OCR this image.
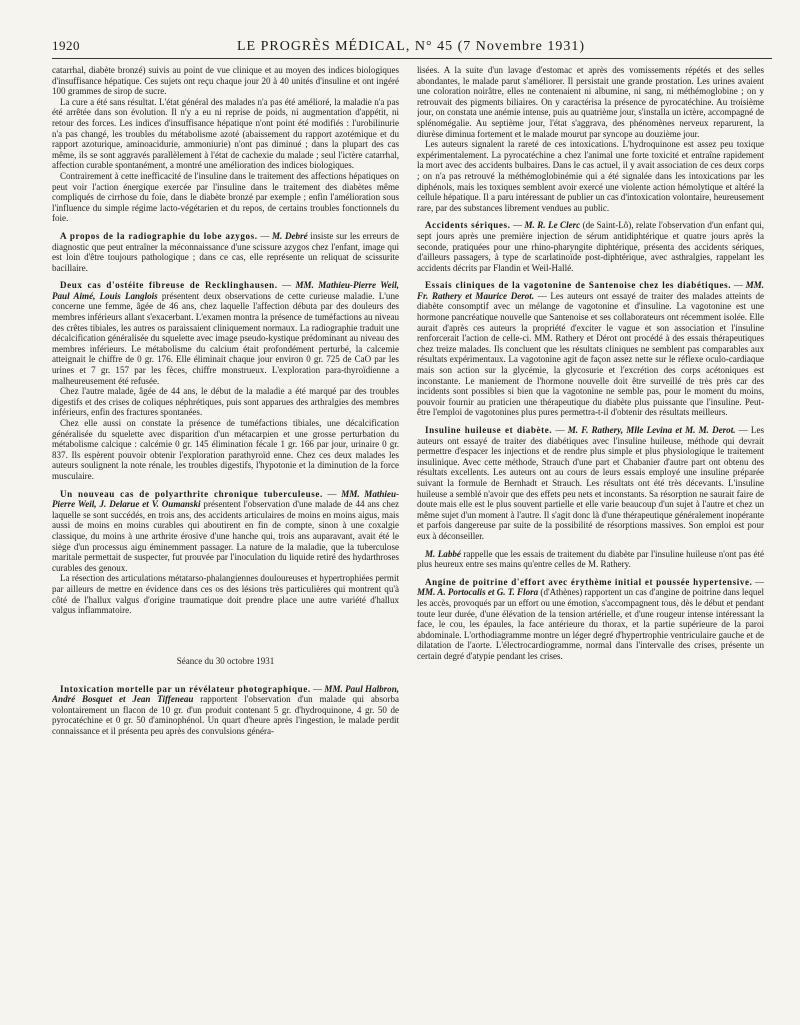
1920	LE PROGRÈS MÉDICAL, N° 45 (7 Novembre 1931)

catarrhal, diabète bronzé) suivis au point de vue clinique et au moyen des indices biologiques d'insuffisance hépatique. Ces sujets ont reçu chaque jour 20 à 40 unités d'insuline et ont ingéré 100 grammes de sirop de sucre.

La cure a été sans résultat. L'état général des malades n'a pas été amélioré, la maladie n'a pas été arrêtée dans son évolution. Il n'y a eu ni reprise de poids, ni augmentation d'appétit, ni retour des forces. Les indices d'insuffisance hépatique n'ont point été modifiés : l'urobilinurie n'a pas changé, les troubles du métabolisme azoté (abaissement du rapport azotémique et du rapport azoturique, aminoacidurie, ammoniurie) n'ont pas diminué ; dans la plupart des cas même, ils se sont aggravés parallèlement à l'état de cachexie du malade ; seul l'ictère catarrhal, affection curable spontanément, a montré une amélioration des indices biologiques.

Contrairement à cette inefficacité de l'insuline dans le traitement des affections hépatiques on peut voir l'action énergique exercée par l'insuline dans le traitement des diabètes même compliqués de cirrhose du foie, dans le diabète bronzé par exemple ; enfin l'amélioration sous l'influence du simple régime lacto-végétarien et du repos, de certains troubles fonctionnels du foie.

A propos de la radiographie du lobe azygos. — M. Debré insiste sur les erreurs de diagnostic que peut entraîner la méconnaissance d'une scissure azygos chez l'enfant, image qui est loin d'être toujours pathologique ; dans ce cas, elle représente un reliquat de scissurite bacillaire.

Deux cas d'ostéite fibreuse de Recklinghausen. — MM. Mathieu-Pierre Weil, Paul Aimé, Louis Langlois présentent deux observations de cette curieuse maladie. L'une concerne une femme, âgée de 46 ans, chez laquelle l'affection débuta par des douleurs des membres inférieurs allant s'exacerbant. L'examen montra la présence de tuméfactions au niveau des crêtes tibiales, les autres os paraissaient cliniquement normaux. La radiographie traduit une décalcification généralisée du squelette avec image pseudo-kystique prédominant au niveau des membres inférieurs. Le métabolisme du calcium était profondément perturbé, la calcemie atteignait le chiffre de 0 gr. 176. Elle éliminait chaque jour environ 0 gr. 725 de CaO par les urines et 7 gr. 157 par les fèces, chiffre monstrueux. L'exploration para-thyroïdienne a malheureusement été refusée.

Chez l'autre malade, âgée de 44 ans, le début de la maladie a été marqué par des troubles digestifs et des crises de coliques néphrétiques, puis sont apparues des arthralgies des membres inférieurs, enfin des fractures spontanées.

Chez elle aussi on constate la présence de tuméfactions tibiales, une décalcification généralisée du squelette avec disparition d'un métacarpien et une grosse perturbation du métabolisme calcique : calcémie 0 gr. 145 élimination fécale 1 gr. 166 par jour, urinaire 0 gr. 837. Ils espèrent pouvoir obtenir l'exploration parathyroïd enne. Chez ces deux malades les auteurs soulignent la note rénale, les troubles digestifs, l'hypotonie et la diminution de la force musculaire.

Un nouveau cas de polyarthrite chronique tuberculeuse. — MM. Mathieu-Pierre Weil, J. Delarue et V. Oumanski présentent l'observation d'une malade de 44 ans chez laquelle se sont succédés, en trois ans, des accidents articulaires de moins en moins aigus, mais aussi de moins en moins curables qui aboutirent en fin de compte, sinon à une coxalgie classique, du moins à une arthrite érosive d'une hanche qui, trois ans auparavant, avait été le siège d'un processus aigu éminemment passager. La nature de la maladie, que la tuberculose maritale permettait de suspecter, fut prouvée par l'inoculation du liquide retiré des hydarthroses curables des genoux.

La résection des articulations métatarso-phalangiennes douloureuses et hypertrophiées permit par ailleurs de mettre en évidence dans ces os des lésions très particulières qui montrent qu'à côté de l'hallux valgus d'origine traumatique doit prendre place une autre variété d'hallux valgus inflammatoire.

Séance du 30 octobre 1931

Intoxication mortelle par un révélateur photographique. — MM. Paul Halbron, André Bosquet et Jean Tiffeneau rapportent l'observation d'un malade qui absorba volontairement un flacon de 10 gr. d'un produit contenant 5 gr. d'hydroquinone, 4 gr. 50 de pyrocatéchine et 0 gr. 50 d'aminophénol. Un quart d'heure après l'ingestion, le malade perdit connaissance et il présenta peu après des convulsions généra-

lisées. A la suite d'un lavage d'estomac et après des vomissements répétés et des selles abondantes, le malade parut s'améliorer. Il persistait une grande prostation. Les urines avaient une coloration noirâtre, elles ne contenaient ni albumine, ni sang, ni méthémoglobine ; on y retrouvait des pigments biliaires. On y caractérisa la présence de pyrocatéchine. Au troisième jour, on constata une anémie intense, puis au quatrième jour, s'installa un ictère, accompagné de splénomégalie. Au septième jour, l'état s'aggrava, des phénomènes nerveux reparurent, la diurèse diminua fortement et le malade mourut par syncope au douzième jour.

Les auteurs signalent la rareté de ces intoxications. L'hydroquinone est assez peu toxique expérimentalement. La pyrocatéchine a chez l'animal une forte toxicité et entraîne rapidement la mort avec des accidents bulbaires. Dans le cas actuel, il y avait association de ces deux corps ; on n'a pas retrouvé la méthémoglobinémie qui a été signalée dans les intoxications par les diphénols, mais les toxiques semblent avoir exercé une violente action hémolytique et altéré la cellule hépatique. Il a paru intéressant de publier un cas d'intoxication volontaire, heureusement rare, par des substances librement vendues au public.

Accidents sériques. — M. R. Le Clerc (de Saint-Lô), relate l'observation d'un enfant qui, sept jours après une première injection de sérum antidiphtérique et quatre jours après la seconde, pratiquées pour une rhino-pharyngite diphtérique, présenta des accidents sériques, d'ailleurs passagers, à type de scarlatinoïde post-diphtérique, avec asthralgies, rappelant les accidents décrits par Flandin et Weil-Hallé.

Essais cliniques de la vagotonine de Santenoise chez les diabétiques. — MM. Fr. Rathery et Maurice Derot. — Les auteurs ont essayé de traiter des malades atteints de diabète consomptif avec un mélange de vagotonine et d'insuline. La vagotonine est une hormone pancréatique nouvelle que Santenoise et ses collaborateurs ont récemment isolée. Elle aurait d'après ces auteurs la propriété d'exciter le vague et son association et l'insuline renforcerait l'action de celle-ci. MM. Rathery et Dérot ont procédé à des essais thérapeutiques chez treize malades. Ils concluent que les résultats cliniques ne semblent pas comparables aux résultats expérimentaux. La vagotonine agit de façon assez nette sur le réflexe oculo-cardiaque mais son action sur la glycémie, la glycosurie et l'excrétion des corps acétoniques est inconstante. Le maniement de l'hormone nouvelle doit être surveillé de très près car des incidents sont possibles si bien que la vagotonine ne semble pas, pour le moment du moins, pouvoir fournir au praticien une thérapeutique du diabète plus puissante que l'insuline. Peut-être l'emploi de vagotonines plus pures permettra-t-il d'obtenir des résultats meilleurs.

Insuline huileuse et diabète. — M. F. Rathery, Mlle Levina et M. M. Derot. — Les auteurs ont essayé de traiter des diabétiques avec l'insuline huileuse, méthode qui devrait permettre d'espacer les injections et de rendre plus simple et plus physiologique le traitement insulinique. Avec cette méthode, Strauch d'une part et Chabanier d'autre part ont obtenu des résultats excellents. Les auteurs ont au cours de leurs essais employé une insuline préparée suivant la formule de Bernhadt et Strauch. Les résultats ont été très décevants. L'insuline huileuse a semblé n'avoir que des effets peu nets et inconstants. Sa résorption ne saurait faire de doute mais elle est le plus souvent partielle et elle varie beaucoup d'un sujet à l'autre et chez un même sujet d'un moment à l'autre. Il s'agit donc là d'une thérapeutique généralement inopérante et parfois dangereuse par suite de la possibilité de résorptions massives. Son emploi est pour eux à déconseiller.

M. Labbé rappelle que les essais de traitement du diabète par l'insuline huileuse n'ont pas été plus heureux entre ses mains qu'entre celles de M. Rathery.

Angine de poitrine d'effort avec érythème initial et poussée hypertensive. — MM. A. Portocalis et G. T. Flora (d'Athènes) rapportent un cas d'angine de poitrine dans lequel les accès, provoqués par un effort ou une émotion, s'accompagnent tous, dès le début et pendant toute leur durée, d'une élévation de la tension artérielle, et d'une rougeur intense intéressant la face, le cou, les épaules, la face antérieure du thorax, et la partie supérieure de la paroi abdominale. L'orthodiagramme montre un léger degré d'hypertrophie ventriculaire gauche et de dilatation de l'aorte. L'électrocardiogramme, normal dans l'intervalle des crises, présente un certain degré d'atypie pendant les crises.
